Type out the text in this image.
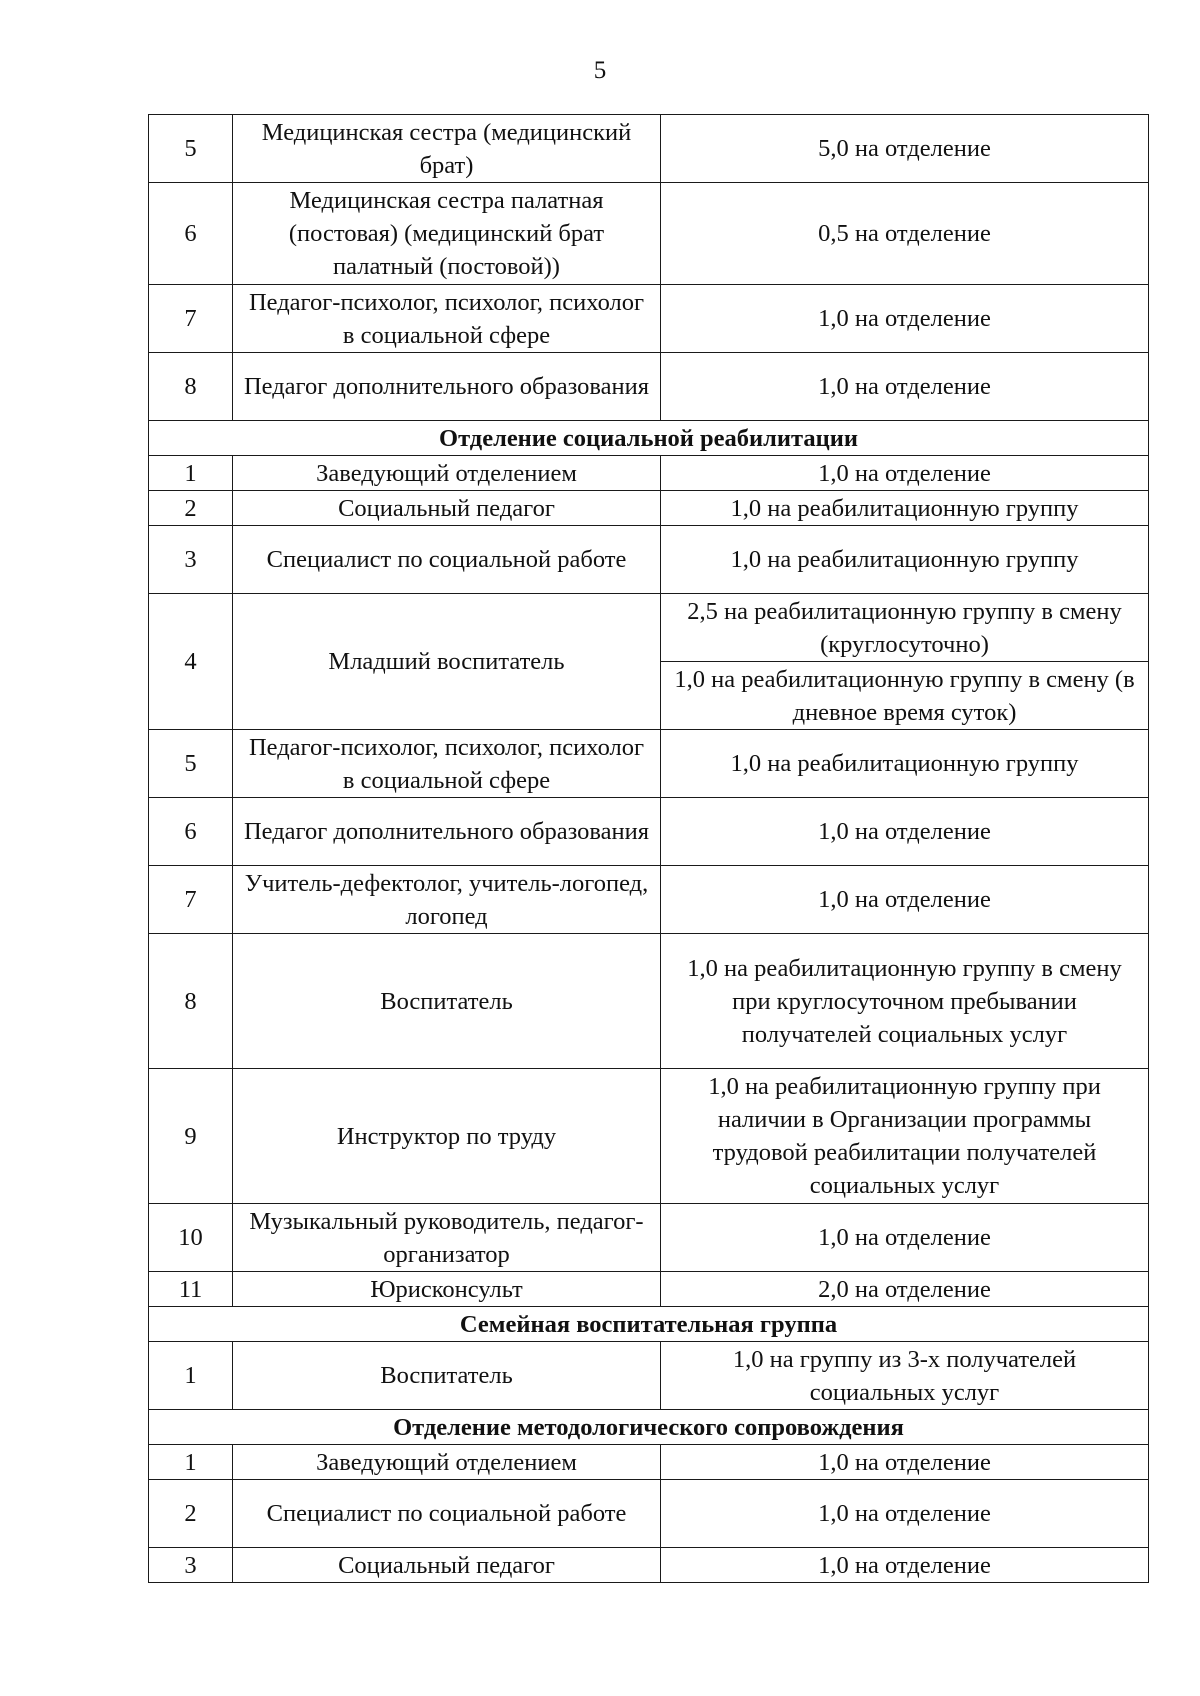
5
5	Медицинская сестра (медицинский брат)	5,0 на отделение
6	Медицинская сестра палатная (постовая) (медицинский брат палатный (постовой))	0,5 на отделение
7	Педагог-психолог, психолог, психолог в социальной сфере	1,0 на отделение
8	Педагог дополнительного образования	1,0 на отделение
Отделение социальной реабилитации		
1	Заведующий отделением	1,0 на отделение
2	Социальный педагог	1,0 на реабилитационную группу
3	Специалист по социальной работе	1,0 на реабилитационную группу
4	Младший воспитатель	2,5 на реабилитационную группу в смену (круглосуточно)
		1,0 на реабилитационную группу в смену (в дневное время суток)
5	Педагог-психолог, психолог, психолог в социальной сфере	1,0 на реабилитационную группу
6	Педагог дополнительного образования	1,0 на отделение
7	Учитель-дефектолог, учитель-логопед, логопед	1,0 на отделение
8	Воспитатель	1,0 на реабилитационную группу в смену при круглосуточном пребывании получателей социальных услуг
9	Инструктор по труду	1,0 на реабилитационную группу при наличии в Организации программы трудовой реабилитации получателей социальных услуг
10	Музыкальный руководитель, педагог-организатор	1,0 на отделение
11	Юрисконсульт	2,0 на отделение
Семейная воспитательная группа		
1	Воспитатель	1,0 на группу из 3-х получателей социальных услуг
Отделение методологического сопровождения		
1	Заведующий отделением	1,0 на отделение
2	Специалист по социальной работе	1,0 на отделение
3	Социальный педагог	1,0 на отделение
